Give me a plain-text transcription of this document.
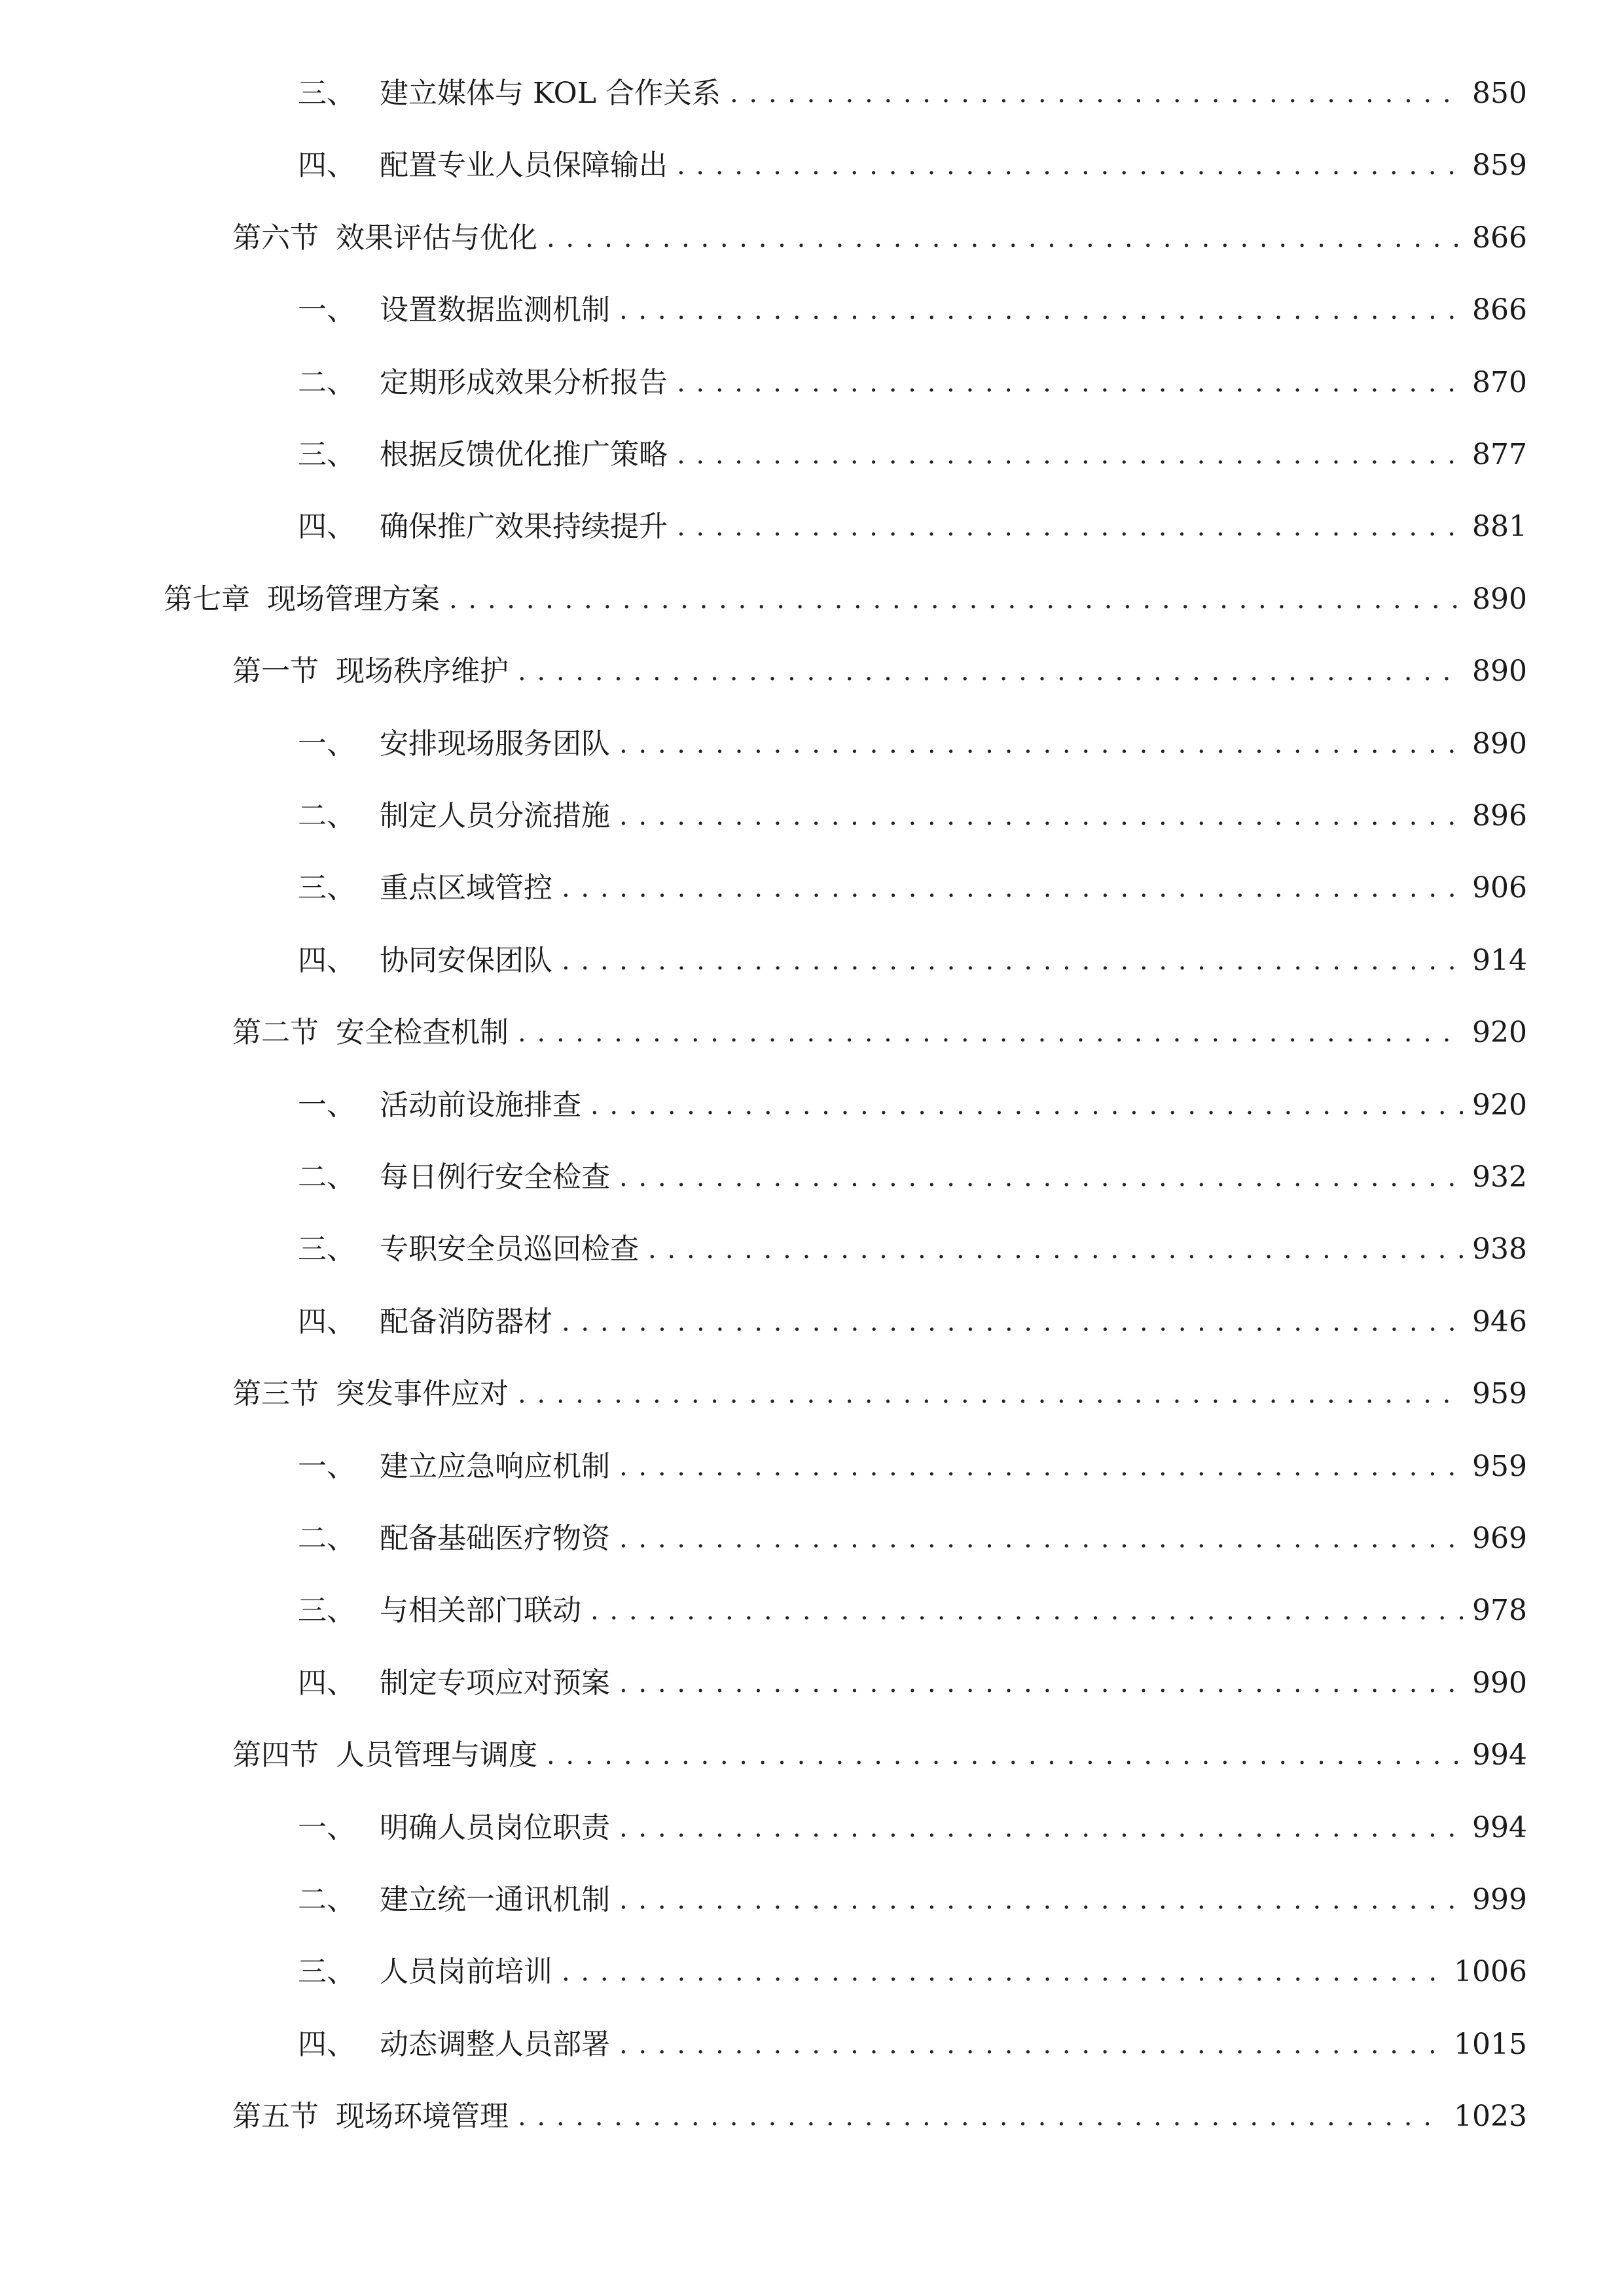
三、 建立媒体与 KOL 合作关系 . . .	850
四、 配置专业人员保障输出 . . .	859
第六节 效果评估与优化 . . .	866
一、 设置数据监测机制 . . .	866
二、 定期形成效果分析报告 . . .	870
三、 根据反馈优化推广策略 . . .	877
四、 确保推广效果持续提升 . . .	881
第七章 现场管理方案 . . .	890
第一节 现场秩序维护 . . .	890
一、 安排现场服务团队 . . .	890
二、 制定人员分流措施 . . .	896
三、 重点区域管控 . . .	906
四、 协同安保团队 . . .	914
第二节 安全检查机制 . . .	920
一、 活动前设施排查 . . .	920
二、 每日例行安全检查 . . .	932
三、 专职安全员巡回检查 . . .	938
四、 配备消防器材 . . .	946
第三节 突发事件应对 . . .	959
一、 建立应急响应机制 . . .	959
二、 配备基础医疗物资 . . .	969
三、 与相关部门联动 . . .	978
四、 制定专项应对预案 . . .	990
第四节 人员管理与调度 . . .	994
一、 明确人员岗位职责 . . .	994
二、 建立统一通讯机制 . . .	999
三、 人员岗前培训 . . .	1006
四、 动态调整人员部署 . . .	1015
第五节 现场环境管理 . . .	1023
